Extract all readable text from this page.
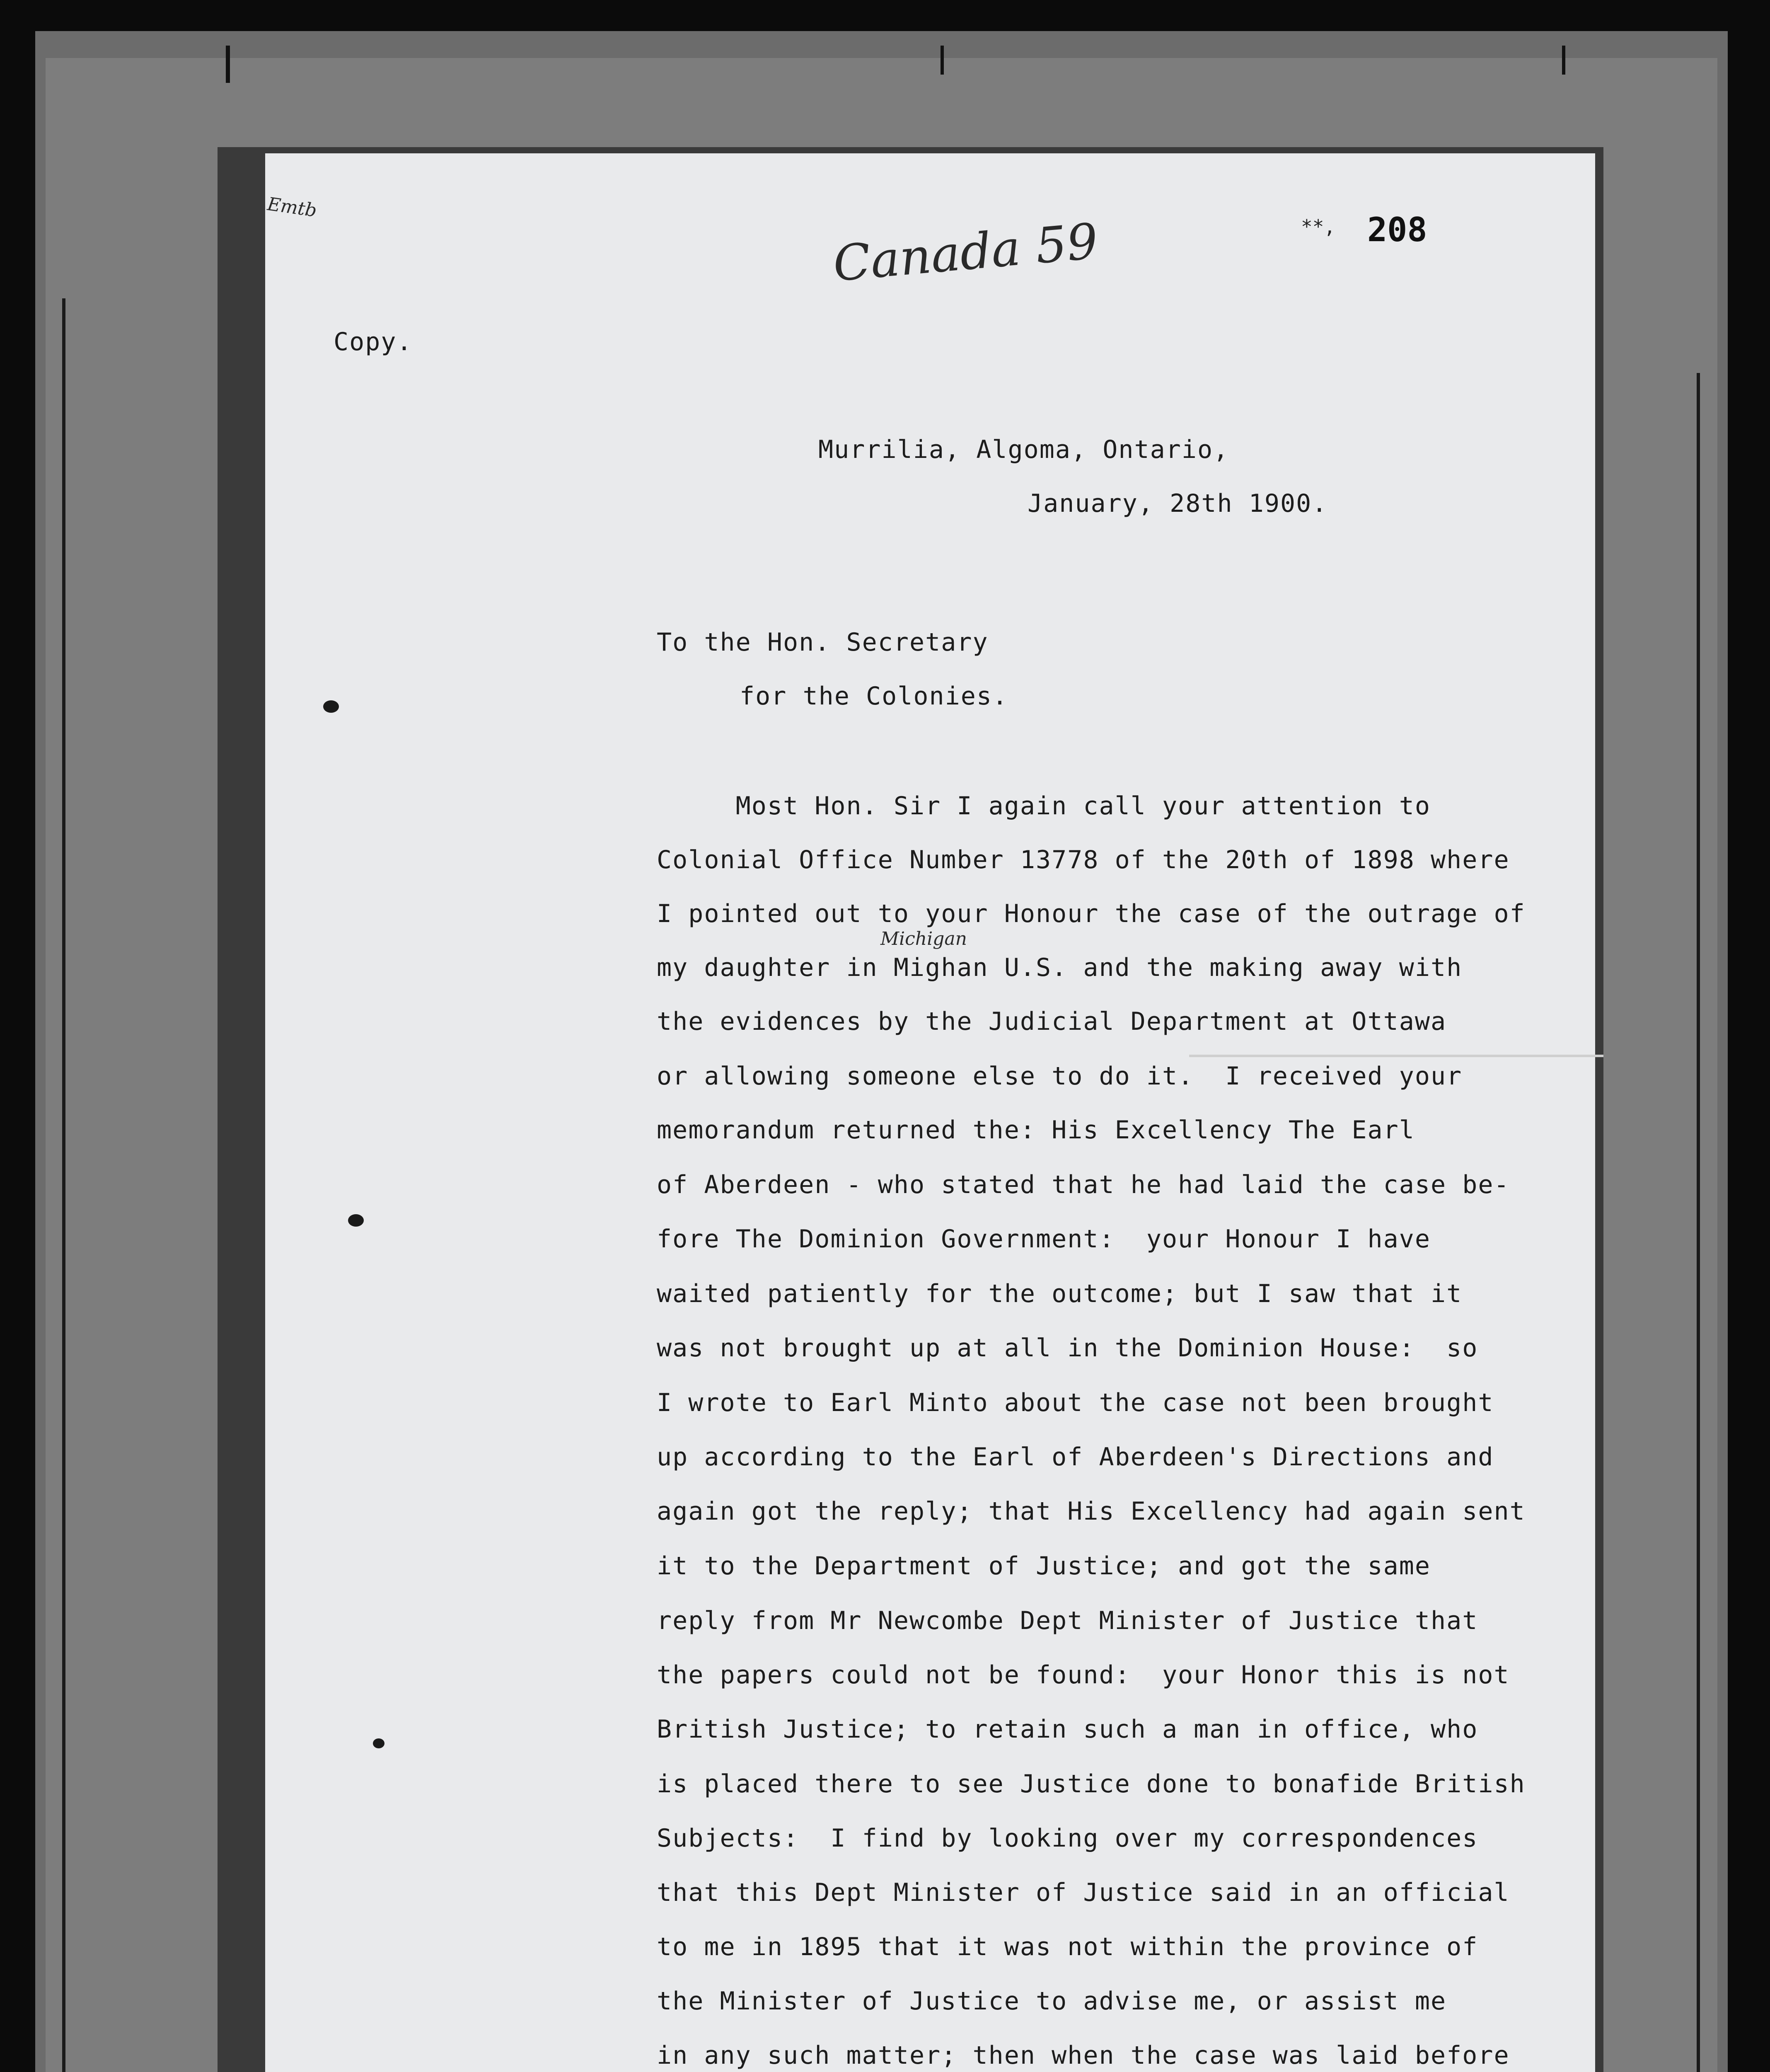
Emtb
Canada 59	**, 208
Copy.
Murrilia, Algoma, Ontario,
January, 28th 1900.
To the Hon. Secretary
for the Colonies.
Most Hon. Sir I again call your attention to
Colonial Office Number 13778 of the 20th of 1898 where
I pointed out to your Honour the case of the outrage of
my daughter in Mighan U.S. and the making away with
the evidences by the Judicial Department at Ottawa
or allowing someone else to do it.  I received your
memorandum returned the: His Excellency The Earl
of Aberdeen - who stated that he had laid the case be-
fore The Dominion Government:  your Honour I have
waited patiently for the outcome; but I saw that it
was not brought up at all in the Dominion House:  so
I wrote to Earl Minto about the case not been brought
up according to the Earl of Aberdeen's Directions and
again got the reply; that His Excellency had again sent
it to the Department of Justice; and got the same
reply from Mr Newcombe Dept Minister of Justice that
the papers could not be found:  your Honor this is not
British Justice; to retain such a man in office, who
is placed there to see Justice done to bonafide British
Subjects:  I find by looking over my correspondences
that this Dept Minister of Justice said in an official
to me in 1895 that it was not within the province of
the Minister of Justice to advise me, or assist me
in any such matter; then when the case was laid before
Michigan
